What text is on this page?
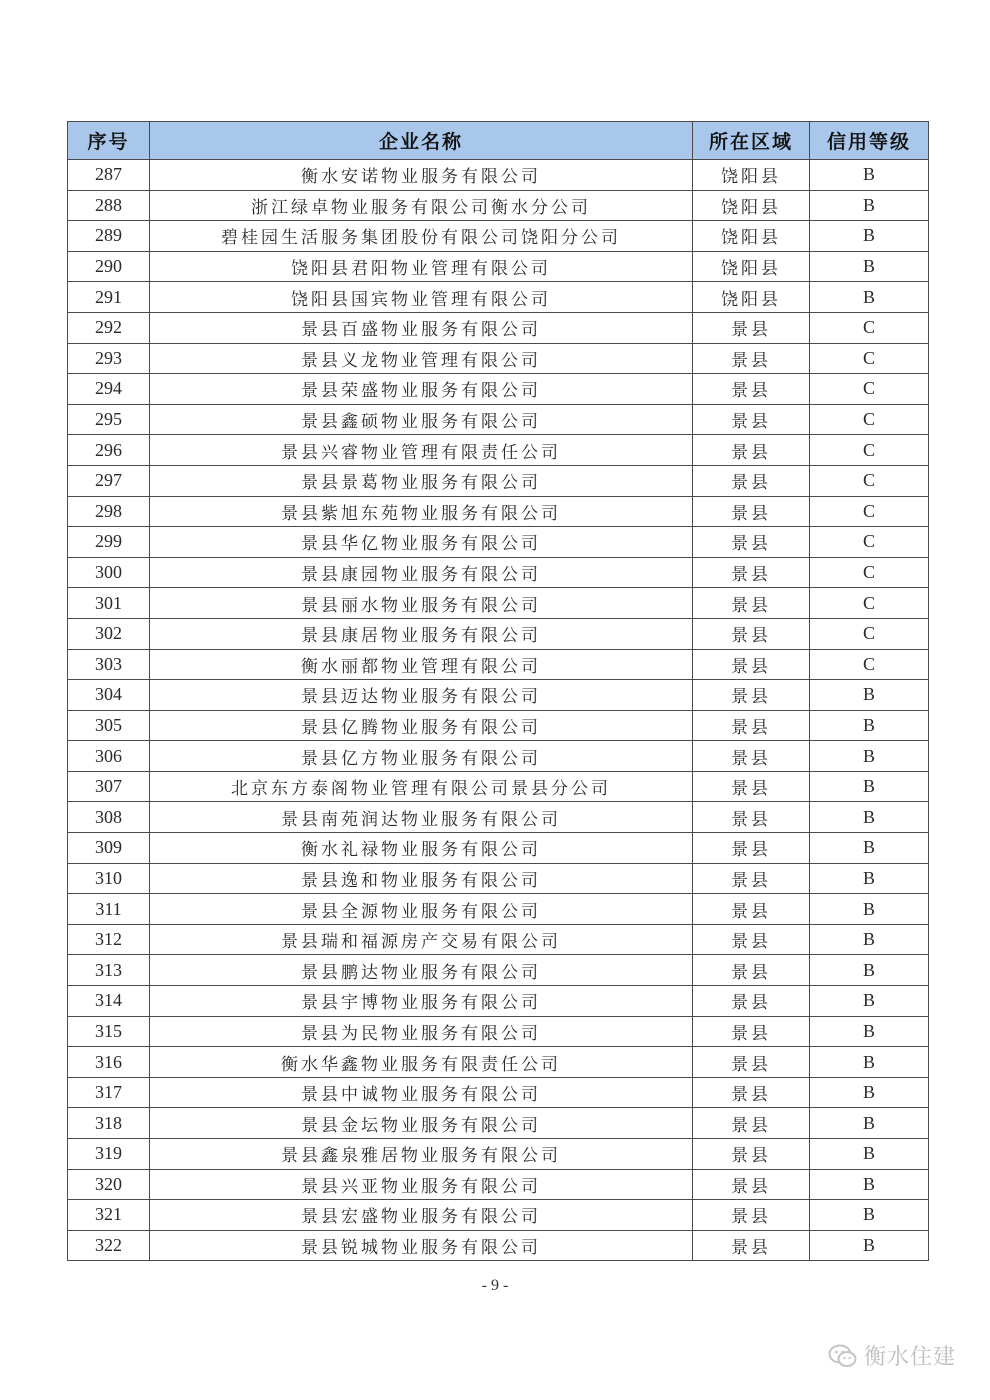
序号	企业名称	所在区域	信用等级
287	衡水安诺物业服务有限公司	饶阳县	B
288	浙江绿卓物业服务有限公司衡水分公司	饶阳县	B
289	碧桂园生活服务集团股份有限公司饶阳分公司	饶阳县	B
290	饶阳县君阳物业管理有限公司	饶阳县	B
291	饶阳县国宾物业管理有限公司	饶阳县	B
292	景县百盛物业服务有限公司	景县	C
293	景县义龙物业管理有限公司	景县	C
294	景县荣盛物业服务有限公司	景县	C
295	景县鑫硕物业服务有限公司	景县	C
296	景县兴睿物业管理有限责任公司	景县	C
297	景县景葛物业服务有限公司	景县	C
298	景县紫旭东苑物业服务有限公司	景县	C
299	景县华亿物业服务有限公司	景县	C
300	景县康园物业服务有限公司	景县	C
301	景县丽水物业服务有限公司	景县	C
302	景县康居物业服务有限公司	景县	C
303	衡水丽都物业管理有限公司	景县	C
304	景县迈达物业服务有限公司	景县	B
305	景县亿腾物业服务有限公司	景县	B
306	景县亿方物业服务有限公司	景县	B
307	北京东方泰阁物业管理有限公司景县分公司	景县	B
308	景县南苑润达物业服务有限公司	景县	B
309	衡水礼禄物业服务有限公司	景县	B
310	景县逸和物业服务有限公司	景县	B
311	景县全源物业服务有限公司	景县	B
312	景县瑞和福源房产交易有限公司	景县	B
313	景县鹏达物业服务有限公司	景县	B
314	景县宇博物业服务有限公司	景县	B
315	景县为民物业服务有限公司	景县	B
316	衡水华鑫物业服务有限责任公司	景县	B
317	景县中诚物业服务有限公司	景县	B
318	景县金坛物业服务有限公司	景县	B
319	景县鑫泉雅居物业服务有限公司	景县	B
320	景县兴亚物业服务有限公司	景县	B
321	景县宏盛物业服务有限公司	景县	B
322	景县锐城物业服务有限公司	景县	B
- 9 -
衡水住建
